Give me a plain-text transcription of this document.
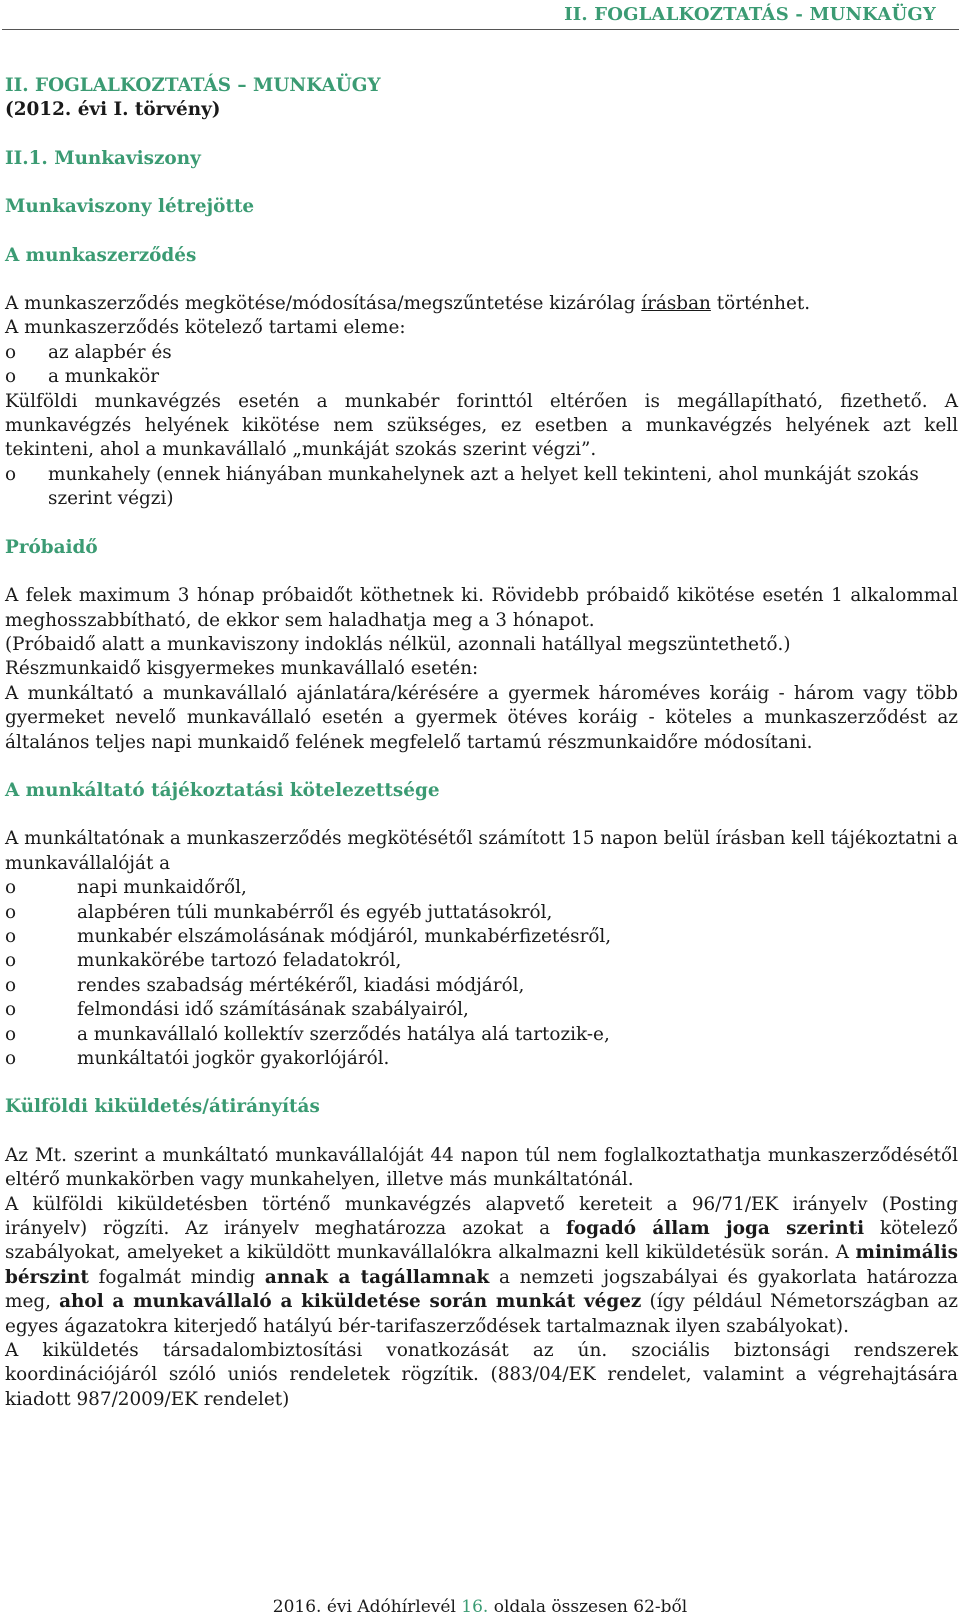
II. FOGLALKOZTATÁS - MUNKAÜGY

II. FOGLALKOZTATÁS – MUNKAÜGY

(2012. évi I. törvény)

II.1. Munkaviszony

Munkaviszony létrejötte

A munkaszerződés

A munkaszerződés megkötése/módosítása/megszűntetése kizárólag írásban történhet.

A munkaszerződés kötelező tartami eleme:

o	az alapbér és
o	a munkakör

Külföldi munkavégzés esetén a munkabér forinttól eltérően is megállapítható, fizethető. A munkavégzés helyének kikötése nem szükséges, ez esetben a munkavégzés helyének azt kell tekinteni, ahol a munkavállaló „munkáját szokás szerint végzi”.

o	munkahely (ennek hiányában munkahelynek azt a helyet kell tekinteni, ahol munkáját szokás szerint végzi)

Próbaidő

A felek maximum 3 hónap próbaidőt köthetnek ki. Rövidebb próbaidő kikötése esetén 1 alkalommal meghosszabbítható, de ekkor sem haladhatja meg a 3 hónapot.

(Próbaidő alatt a munkaviszony indoklás nélkül, azonnali hatállyal megszüntethető.)

Részmunkaidő kisgyermekes munkavállaló esetén:

A munkáltató a munkavállaló ajánlatára/kérésére a gyermek hároméves koráig - három vagy több gyermeket nevelő munkavállaló esetén a gyermek ötéves koráig - köteles a munkaszerződést az általános teljes napi munkaidő felének megfelelő tartamú részmunkaidőre módosítani.

A munkáltató tájékoztatási kötelezettsége

A munkáltatónak a munkaszerződés megkötésétől számított 15 napon belül írásban kell tájékoztatni a munkavállalóját a

o	napi munkaidőről,
o	alapbéren túli munkabérről és egyéb juttatásokról,
o	munkabér elszámolásának módjáról, munkabérfizetésről,
o	munkakörébe tartozó feladatokról,
o	rendes szabadság mértékéről, kiadási módjáról,
o	felmondási idő számításának szabályairól,
o	a munkavállaló kollektív szerződés hatálya alá tartozik-e,
o	munkáltatói jogkör gyakorlójáról.

Külföldi kiküldetés/átirányítás

Az Mt. szerint a munkáltató munkavállalóját 44 napon túl nem foglalkoztathatja munkaszerződésétől eltérő munkakörben vagy munkahelyen, illetve más munkáltatónál.

A külföldi kiküldetésben történő munkavégzés alapvető kereteit a 96/71/EK irányelv (Posting irányelv) rögzíti. Az irányelv meghatározza azokat a fogadó állam joga szerinti kötelező szabályokat, amelyeket a kiküldött munkavállalókra alkalmazni kell kiküldetésük során. A minimális bérszint fogalmát mindig annak a tagállamnak a nemzeti jogszabályai és gyakorlata határozza meg, ahol a munkavállaló a kiküldetése során munkát végez (így például Németországban az egyes ágazatokra kiterjedő hatályú bér-tarifaszerződések tartalmaznak ilyen szabályokat).

A kiküldetés társadalombiztosítási vonatkozását az ún. szociális biztonsági rendszerek koordinációjáról szóló uniós rendeletek rögzítik. (883/04/EK rendelet, valamint a végrehajtására kiadott 987/2009/EK rendelet)

2016. évi Adóhírlevél 16. oldala összesen 62-ből
